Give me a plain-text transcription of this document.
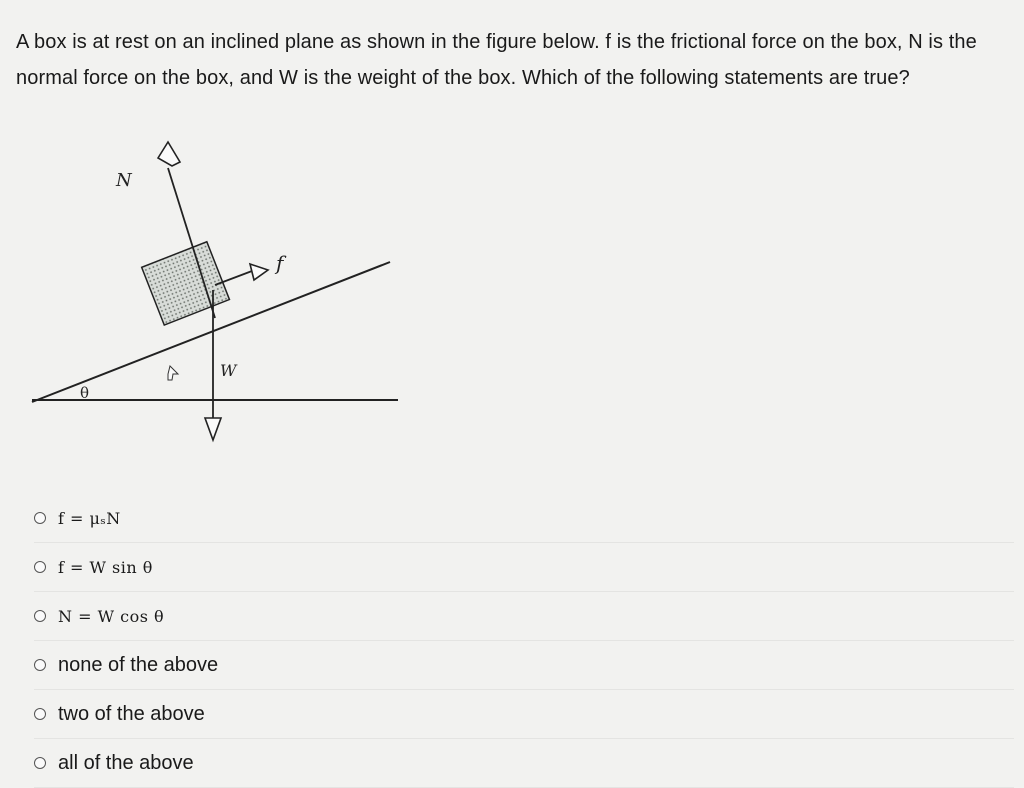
A box is at rest on an inclined plane as shown in the figure below. f is the frictional force on the box, N is the normal force on the box, and W is the weight of the box. Which of the following statements are true?
N
f
W
θ
f = μₛN
f = W sin θ
N = W cos θ
none of the above
two of the above
all of the above
